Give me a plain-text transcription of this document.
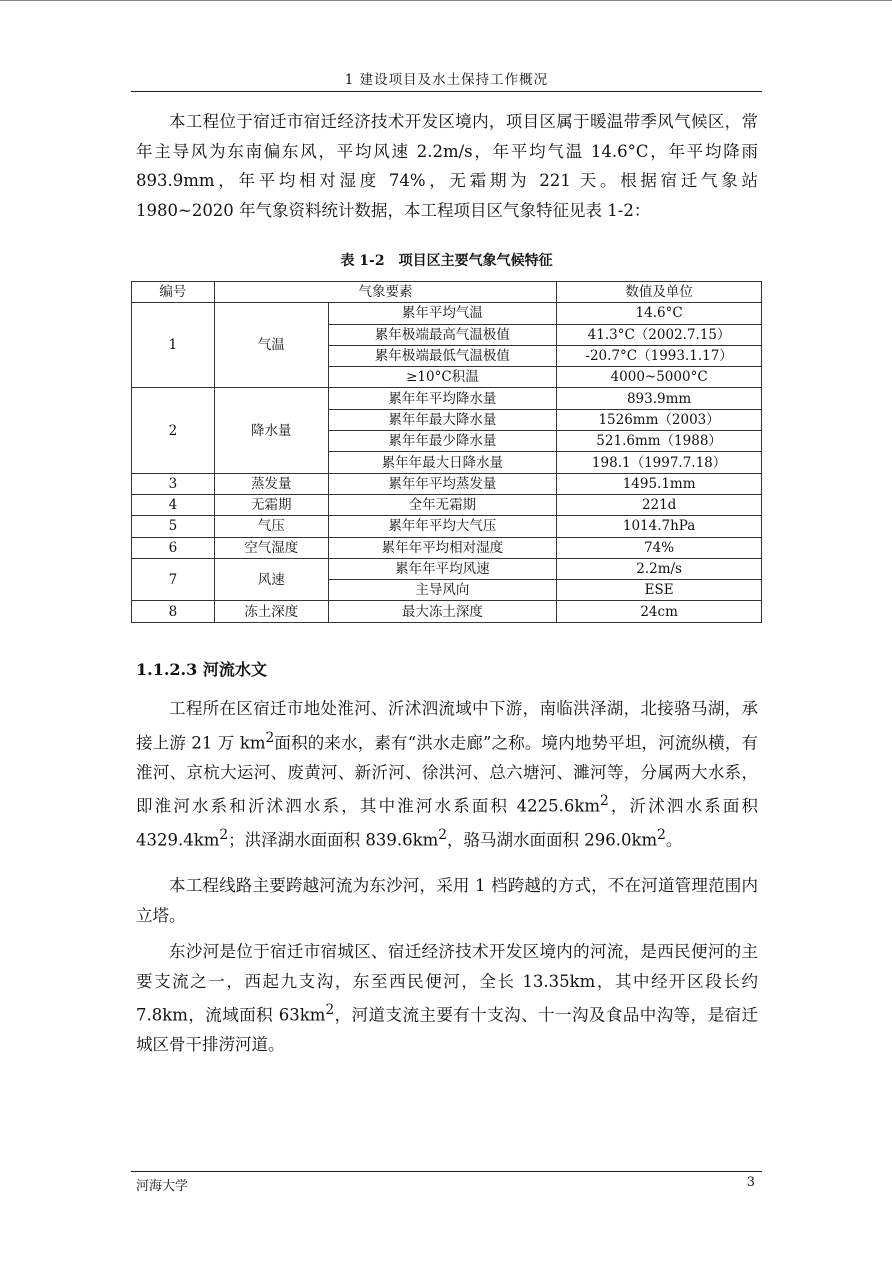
1 建设项目及水土保持工作概况

本工程位于宿迁市宿迁经济技术开发区境内，项目区属于暖温带季风气候区，常年主导风为东南偏东风，平均风速 2.2m/s，年平均气温 14.6°C，年平均降雨 893.9mm，年平均相对湿度 74%，无霜期为 221 天。根据宿迁气象站 1980~2020 年气象资料统计数据，本工程项目区气象特征见表 1-2：

表 1-2　项目区主要气象气候特征
编号	气象要素		数值及单位
1	气温	累年平均气温	14.6°C
		累年极端最高气温极值	41.3°C（2002.7.15）
		累年极端最低气温极值	-20.7°C（1993.1.17）
		≥10°C积温	4000~5000°C
2	降水量	累年年平均降水量	893.9mm
		累年年最大降水量	1526mm（2003）
		累年年最少降水量	521.6mm（1988）
		累年年最大日降水量	198.1（1997.7.18）
3	蒸发量	累年年平均蒸发量	1495.1mm
4	无霜期	全年无霜期	221d
5	气压	累年年平均大气压	1014.7hPa
6	空气湿度	累年年平均相对湿度	74%
7	风速	累年年平均风速	2.2m/s
		主导风向	ESE
8	冻土深度	最大冻土深度	24cm
1.1.2.3 河流水文

工程所在区宿迁市地处淮河、沂沭泗流域中下游，南临洪泽湖，北接骆马湖，承接上游 21 万 $km^2$面积的来水，素有“洪水走廊”之称。境内地势平坦，河流纵横，有淮河、京杭大运河、废黄河、新沂河、徐洪河、总六塘河、濉河等，分属两大水系，即淮河水系和沂沭泗水系，其中淮河水系面积 $4225.6km^2$，沂沭泗水系面积 $4329.4km^2$；洪泽湖水面面积 $839.6km^2$，骆马湖水面面积 $296.0km^2$。

本工程线路主要跨越河流为东沙河，采用 1 档跨越的方式，不在河道管理范围内立塔。

东沙河是位于宿迁市宿城区、宿迁经济技术开发区境内的河流，是西民便河的主要支流之一，西起九支沟，东至西民便河，全长 13.35km，其中经开区段长约 7.8km，流域面积 $63km^2$，河道支流主要有十支沟、十一沟及食品中沟等，是宿迁城区骨干排涝河道。

河海大学	3
